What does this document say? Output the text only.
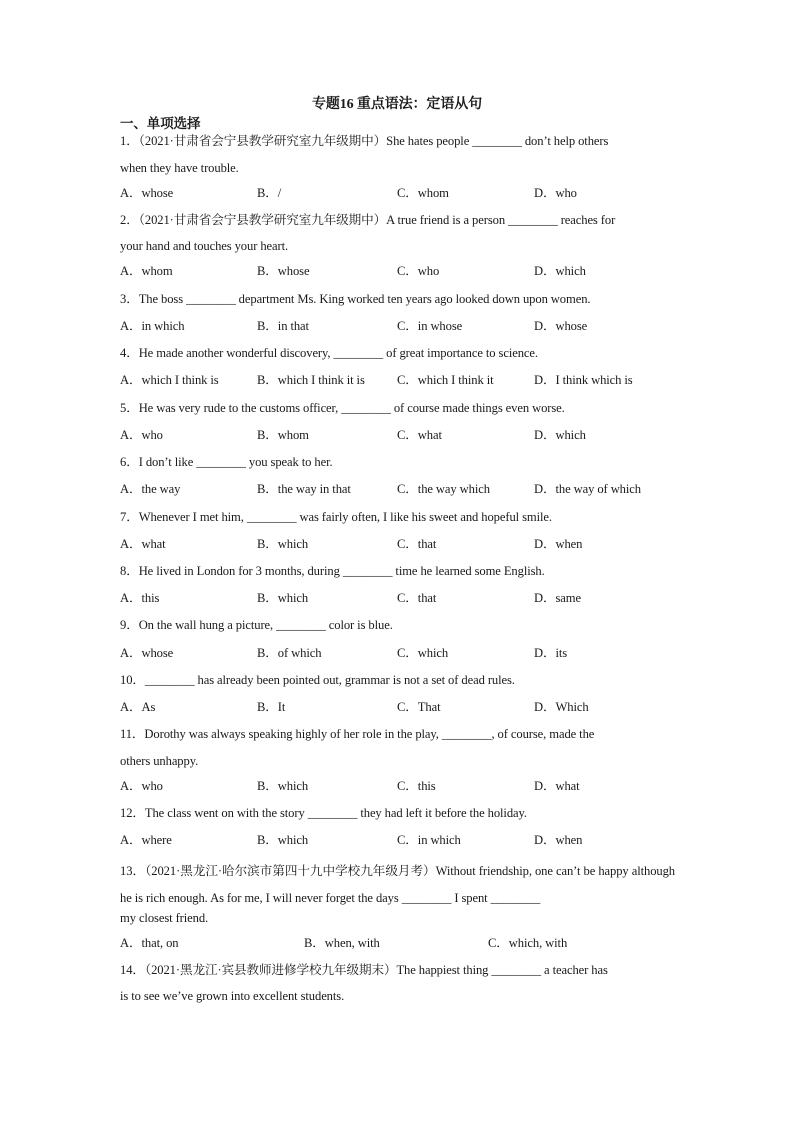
专题16 重点语法：定语从句
一、单项选择
1．（2021·甘肃省会宁县教学研究室九年级期中）She hates people ________ don’t help others
when they have trouble.
A．whose	B．/	C．whom	D．who
2．（2021·甘肃省会宁县教学研究室九年级期中）A true friend is a person ________ reaches for
your hand and touches your heart.
A．whom	B．whose	C．who	D．which
3．The boss ________ department Ms. King worked ten years ago looked down upon women.
A．in which	B．in that	C．in whose	D．whose
4．He made another wonderful discovery, ________ of great importance to science.
A．which I think is	B．which I think it is	C．which I think it	D．I think which is
5．He was very rude to the customs officer, ________ of course made things even worse.
A．who	B．whom	C．what	D．which
6．I don’t like ________ you speak to her.
A．the way	B．the way in that	C．the way which	D．the way of which
7．Whenever I met him, ________ was fairly often, I like his sweet and hopeful smile.
A．what	B．which	C．that	D．when
8．He lived in London for 3 months, during ________ time he learned some English.
A．this	B．which	C．that	D．same
9．On the wall hung a picture, ________ color is blue.
A．whose	B．of which	C．which	D．its
10．________ has already been pointed out, grammar is not a set of dead rules.
A．As	B．It	C．That	D．Which
11．Dorothy was always speaking highly of her role in the play, ________, of course, made the
others unhappy.
A．who	B．which	C．this	D．what
12．The class went on with the story ________ they had left it before the holiday.
A．where	B．which	C．in which	D．when
13．（2021·黑龙江·哈尔滨市第四十九中学校九年级月考）Without friendship, one can’t be happy although he is rich enough. As for me, I will never forget the days ________ I spent ________
my closest friend.
A．that, on	B．when, with	C．which, with
14．（2021·黑龙江·宾县教师进修学校九年级期末）The happiest thing ________ a teacher has
is to see we’ve grown into excellent students.
